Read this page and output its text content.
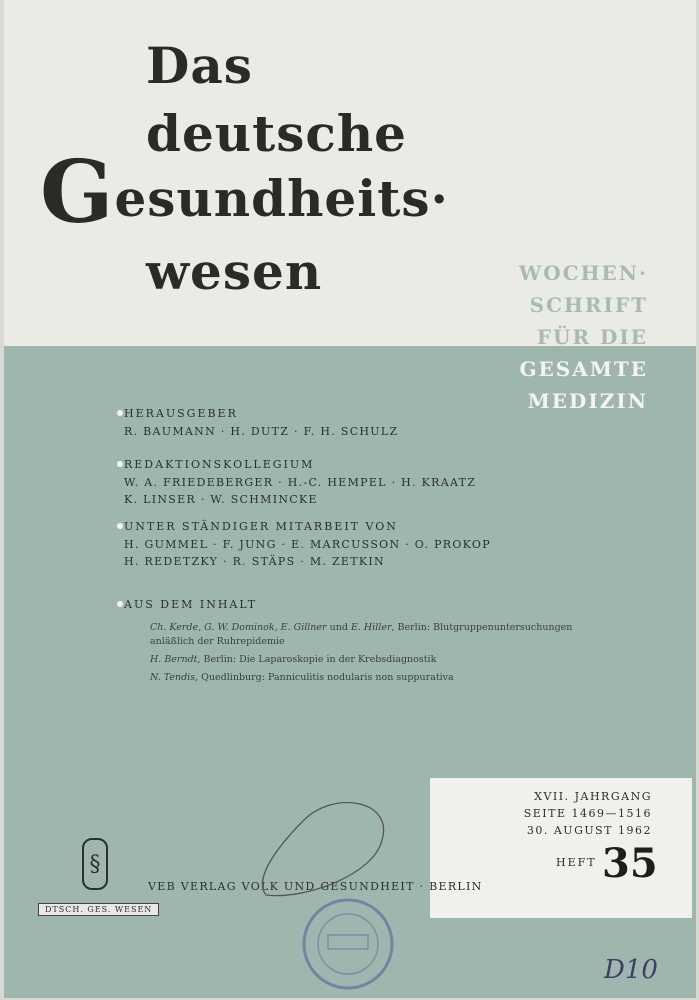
Das
deutsche
Gesundheits·
wesen	WOCHEN·
SCHRIFT
FÜR DIE
GESAMTE
MEDIZIN
HERAUSGEBER
R. BAUMANN · H. DUTZ · F. H. SCHULZ
REDAKTIONSKOLLEGIUM
W. A. FRIEDEBERGER · H.-C. HEMPEL · H. KRAATZ
K. LINSER · W. SCHMINCKE
UNTER STÄNDIGER MITARBEIT VON
H. GUMMEL · F. JUNG · E. MARCUSSON · O. PROKOP
H. REDETZKY · R. STÄPS · M. ZETKIN
AUS DEM INHALT

Ch. Kerde, G. W. Dominok, E. Gillner und E. Hiller, Berlin: Blutgruppenuntersuchungen
anläßlich der Ruhrepidemie

H. Berndt, Berlin: Die Laparoskopie in der Krebsdiagnostik

N. Tendis, Quedlinburg: Panniculitis nodularis non suppurativa

XVII. JAHRGANG
SEITE 1469—1516
30. AUGUST 1962
HEFT 35
§
VEB VERLAG VOLK UND GESUNDHEIT · BERLIN
DTSCH. GES. WESEN
D10
